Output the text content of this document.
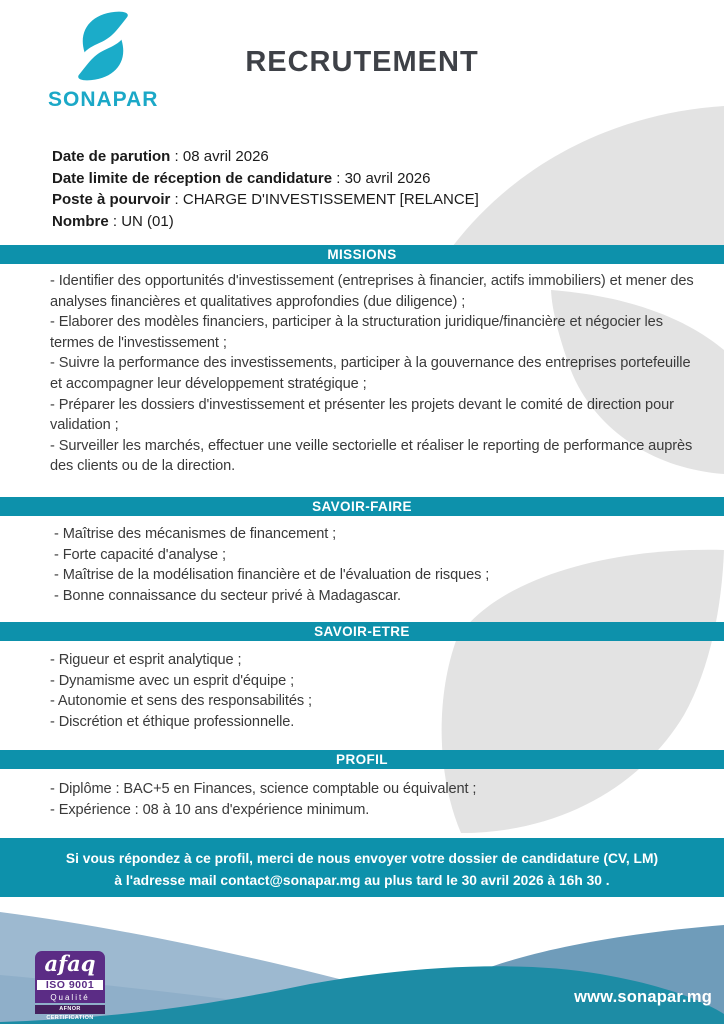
SONAPAR
RECRUTEMENT
Date de parution : 08 avril 2026
Date limite de réception de candidature : 30 avril 2026
Poste à pourvoir : CHARGE D'INVESTISSEMENT [RELANCE]
Nombre : UN (01)
MISSIONS

- Identifier des opportunités d'investissement (entreprises à financier, actifs immobiliers) et mener des analyses financières et qualitatives approfondies (due diligence) ;

- Elaborer des modèles financiers, participer à la structuration juridique/financière et négocier les termes de l'investissement ;

- Suivre la performance des investissements, participer à la gouvernance des entreprises portefeuille et accompagner leur développement stratégique ;

- Préparer les dossiers d'investissement et présenter les projets devant le comité de direction pour validation ;

- Surveiller les marchés, effectuer une veille sectorielle et réaliser le reporting de performance auprès des clients ou de la direction.

SAVOIR-FAIRE

- Maîtrise des mécanismes de financement ;

- Forte capacité d'analyse ;

- Maîtrise de la modélisation financière et de l'évaluation de risques ;

- Bonne connaissance du secteur privé à Madagascar.

SAVOIR-ETRE

- Rigueur et esprit analytique ;

- Dynamisme avec un esprit d'équipe ;

- Autonomie et sens des responsabilités ;

- Discrétion et éthique professionnelle.

PROFIL

- Diplôme : BAC+5 en Finances, science comptable ou équivalent ;

- Expérience : 08 à 10 ans d'expérience minimum.

Si vous répondez à ce profil, merci de nous envoyer votre dossier de candidature (CV, LM)
à l'adresse mail contact@sonapar.mg au plus tard le 30 avril 2026 à 16h 30 .
afaq
ISO 9001
Qualité
AFNOR CERTIFICATION
www.sonapar.mg
